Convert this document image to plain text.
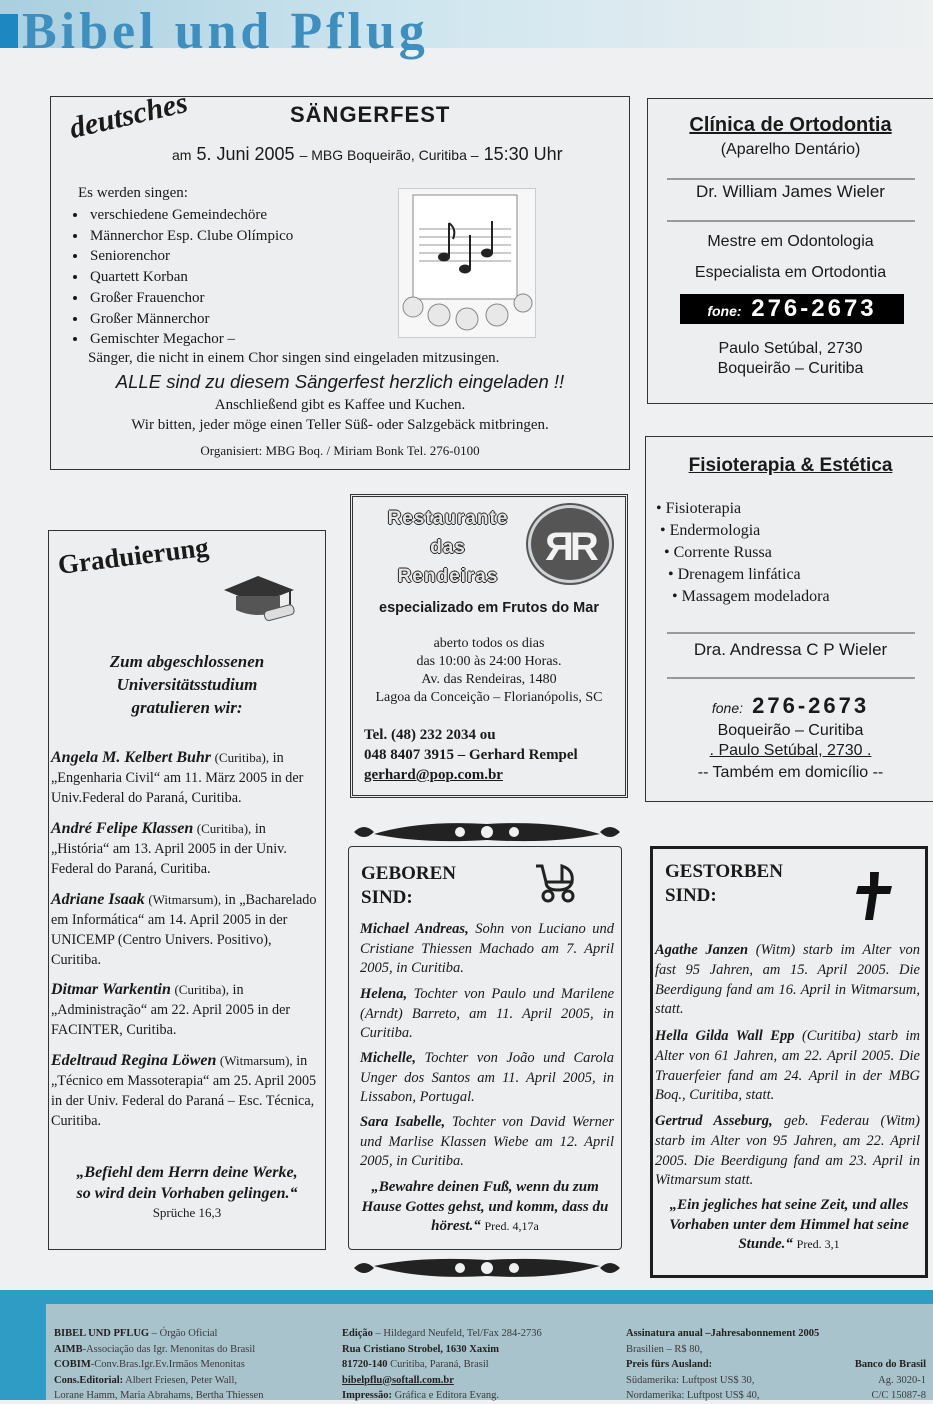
Bibel und Pflug
deutsches	SÄNGERFEST
am 5. Juni 2005 – MBG Boqueirão, Curitiba – 15:30 Uhr
Es werden singen:
• verschiedene Gemeindechöre
• Männerchor Esp. Clube Olímpico
• Seniorenchor
• Quartett Korban
• Großer Frauenchor
• Großer Männerchor
• Gemischter Megachor –
Sänger, die nicht in einem Chor singen sind eingeladen mitzusingen.
ALLE sind zu diesem Sängerfest herzlich eingeladen !!
Anschließend gibt es Kaffee und Kuchen.
Wir bitten, jeder möge einen Teller Süß- oder Salzgebäck mitbringen.
Organisiert: MBG Boq. / Miriam Bonk Tel. 276-0100
Clínica de Ortodontia
(Aparelho Dentário)
Dr. William James Wieler
Mestre em Odontologia
Especialista em Ortodontia
fone: 276-2673
Paulo Setúbal, 2730
Boqueirão – Curitiba
Fisioterapia & Estética
• Fisioterapia
• Endermologia
• Corrente Russa
• Drenagem linfática
• Massagem modeladora
Dra. Andressa C P Wieler
fone: 276-2673
Boqueirão – Curitiba
. Paulo Setúbal, 2730 .
-- Também em domicílio --
Graduierung
Zum abgeschlossenen
Universitätsstudium
gratulieren wir:
Angela M. Kelbert Buhr (Curitiba), in „Engenharia Civil“ am 11. März 2005 in der Univ.Federal do Paraná, Curitiba.
André Felipe Klassen (Curitiba), in „História“ am 13. April 2005 in der Univ. Federal do Paraná, Curitiba.
Adriane Isaak (Witmarsum), in „Bacharelado em Informática“ am 14. April 2005 in der UNICEMP (Centro Univers. Positivo), Curitiba.
Ditmar Warkentin (Curitiba), in „Administração“ am 22. April 2005 in der FACINTER, Curitiba.
Edeltraud Regina Löwen (Witmarsum), in „Técnico em Massoterapia“ am 25. April 2005 in der Univ. Federal do Paraná – Esc. Técnica, Curitiba.
„Befiehl dem Herrn deine Werke,
so wird dein Vorhaben gelingen.“
Sprüche 16,3
Restaurante
das
Rendeiras
ЯR
especializado em Frutos do Mar
aberto todos os dias
das 10:00 às 24:00 Horas.
Av. das Rendeiras, 1480
Lagoa da Conceição – Florianópolis, SC
Tel. (48) 232 2034 ou
048 8407 3915 – Gerhard Rempel
gerhard@pop.com.br
GEBOREN
SIND:
Michael Andreas, Sohn von Luciano und Cristiane Thiessen Machado am 7. April 2005, in Curitiba.
Helena, Tochter von Paulo und Marilene (Arndt) Barreto, am 11. April 2005, in Curitiba.
Michelle, Tochter von João und Carola Unger dos Santos am 11. April 2005, in Lissabon, Portugal.
Sara Isabelle, Tochter von David Werner und Marlise Klassen Wiebe am 12. April 2005, in Curitiba.
„Bewahre deinen Fuß, wenn du zum Hause Gottes gehst, und komm, dass du hörest.“ Pred. 4,17a
GESTORBEN
SIND:
Agathe Janzen (Witm) starb im Alter von fast 95 Jahren, am 15. April 2005. Die Beerdigung fand am 16. April in Witmarsum, statt.
Hella Gilda Wall Epp (Curitiba) starb im Alter von 61 Jahren, am 22. April 2005. Die Trauerfeier fand am 24. April in der MBG Boq., Curitiba, statt.
Gertrud Asseburg, geb. Federau (Witm) starb im Alter von 95 Jahren, am 22. April 2005. Die Beerdigung fand am 23. April in Witmarsum statt.
„Ein jegliches hat seine Zeit, und alles Vorhaben unter dem Himmel hat seine Stunde.“ Pred. 3,1
BIBEL UND PFLUG – Órgão Oficial
AIMB-Associação das Igr. Menonitas do Brasil
COBIM-Conv.Bras.Igr.Ev.Irmãos Menonitas
Cons.Editorial: Albert Friesen, Peter Wall,
Lorane Hamm, Maria Abrahams, Bertha Thiessen
Edição – Hildegard Neufeld, Tel/Fax 284-2736
Rua Cristiano Strobel, 1630 Xaxim
81720-140 Curitiba, Paraná, Brasil
bibelpflu@softall.com.br
Impressão: Gráfica e Editora Evang.
Assinatura anual –Jahresabonnement 2005
Brasilien – R$ 80,
Preis fürs Ausland:	Banco do Brasil
Südamerika: Luftpost US$ 30,	Ag. 3020-1
Nordamerika: Luftpost US$ 40,	C/C 15087-8
